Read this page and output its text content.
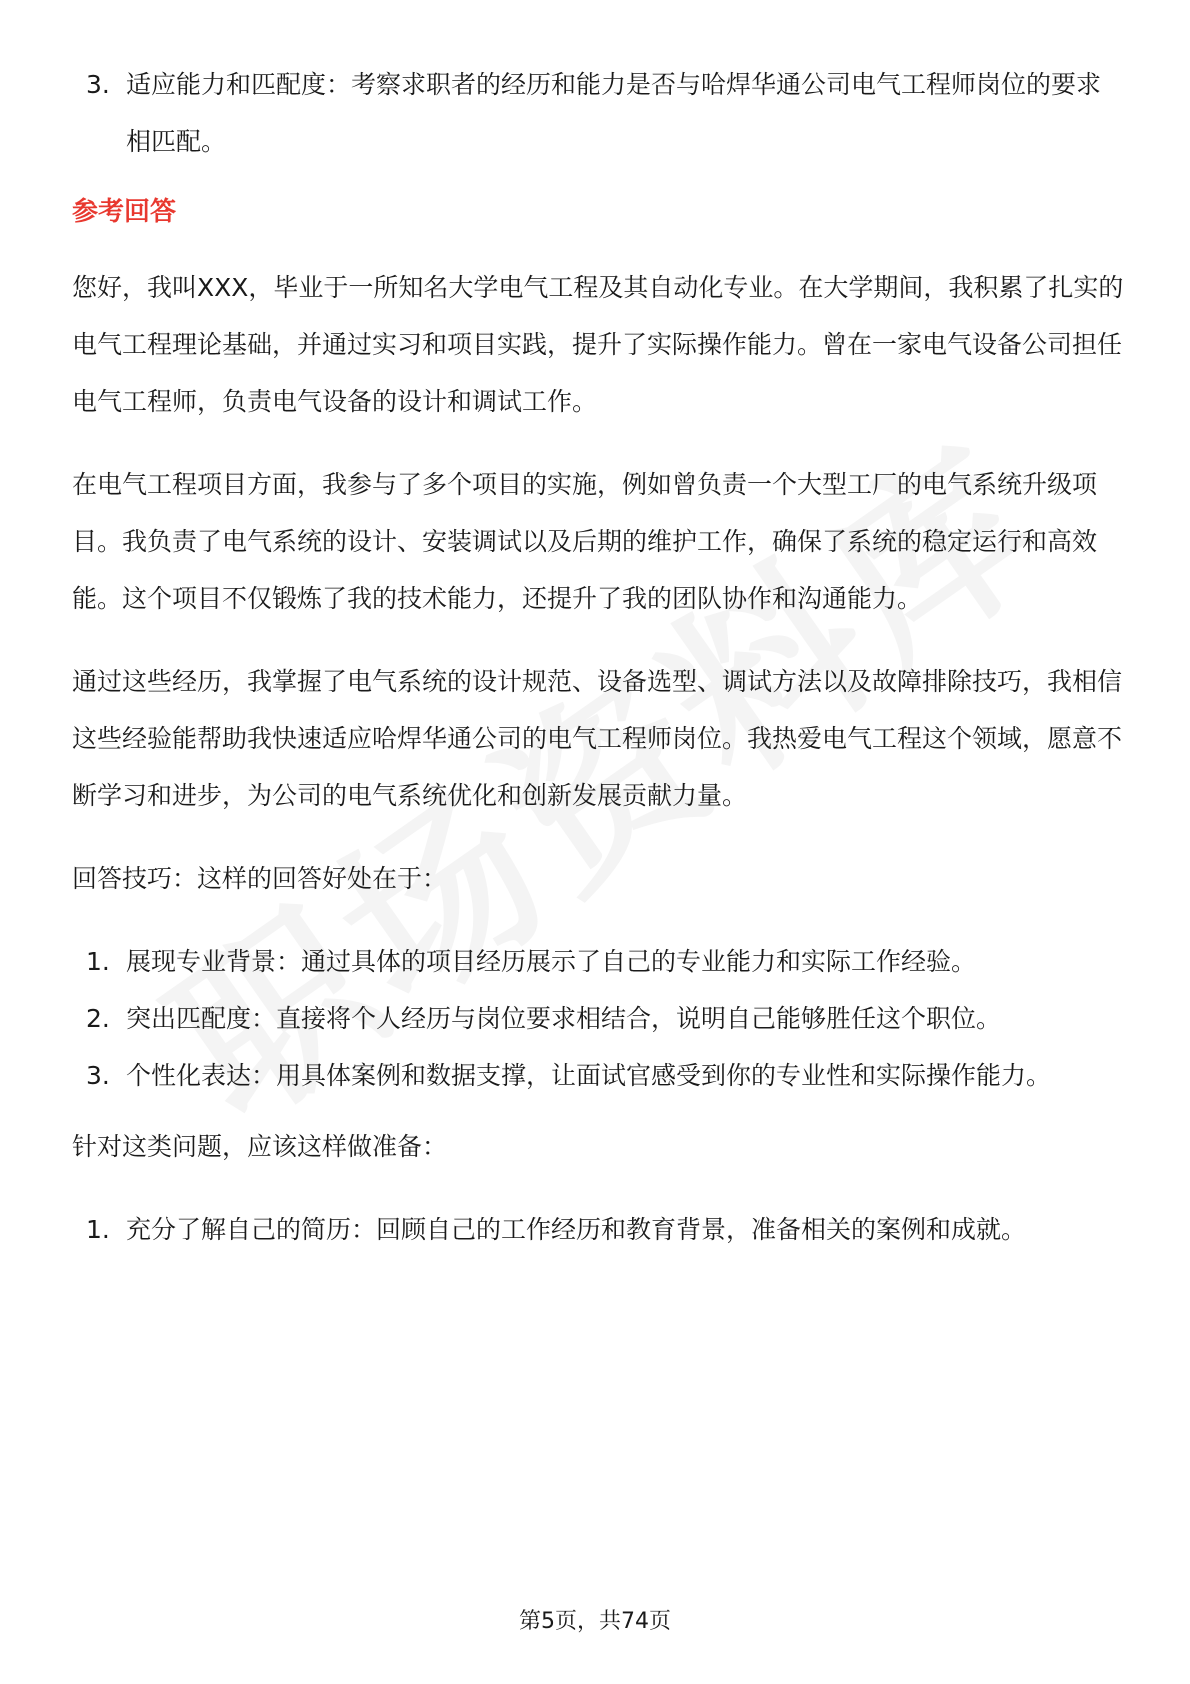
3. 适应能力和匹配度：考察求职者的经历和能力是否与哈焊华通公司电气工程师岗位的要求相匹配。
参考回答

您好，我叫XXX，毕业于一所知名大学电气工程及其自动化专业。在大学期间，我积累了扎实的电气工程理论基础，并通过实习和项目实践，提升了实际操作能力。曾在一家电气设备公司担任电气工程师，负责电气设备的设计和调试工作。

在电气工程项目方面，我参与了多个项目的实施，例如曾负责一个大型工厂的电气系统升级项目。我负责了电气系统的设计、安装调试以及后期的维护工作，确保了系统的稳定运行和高效能。这个项目不仅锻炼了我的技术能力，还提升了我的团队协作和沟通能力。

通过这些经历，我掌握了电气系统的设计规范、设备选型、调试方法以及故障排除技巧，我相信这些经验能帮助我快速适应哈焊华通公司的电气工程师岗位。我热爱电气工程这个领域，愿意不断学习和进步，为公司的电气系统优化和创新发展贡献力量。

回答技巧：这样的回答好处在于：

1. 展现专业背景：通过具体的项目经历展示了自己的专业能力和实际工作经验。
2. 突出匹配度：直接将个人经历与岗位要求相结合，说明自己能够胜任这个职位。
3. 个性化表达：用具体案例和数据支撑，让面试官感受到你的专业性和实际操作能力。

针对这类问题，应该这样做准备：

1. 充分了解自己的简历：回顾自己的工作经历和教育背景，准备相关的案例和成就。
第5页，共74页
